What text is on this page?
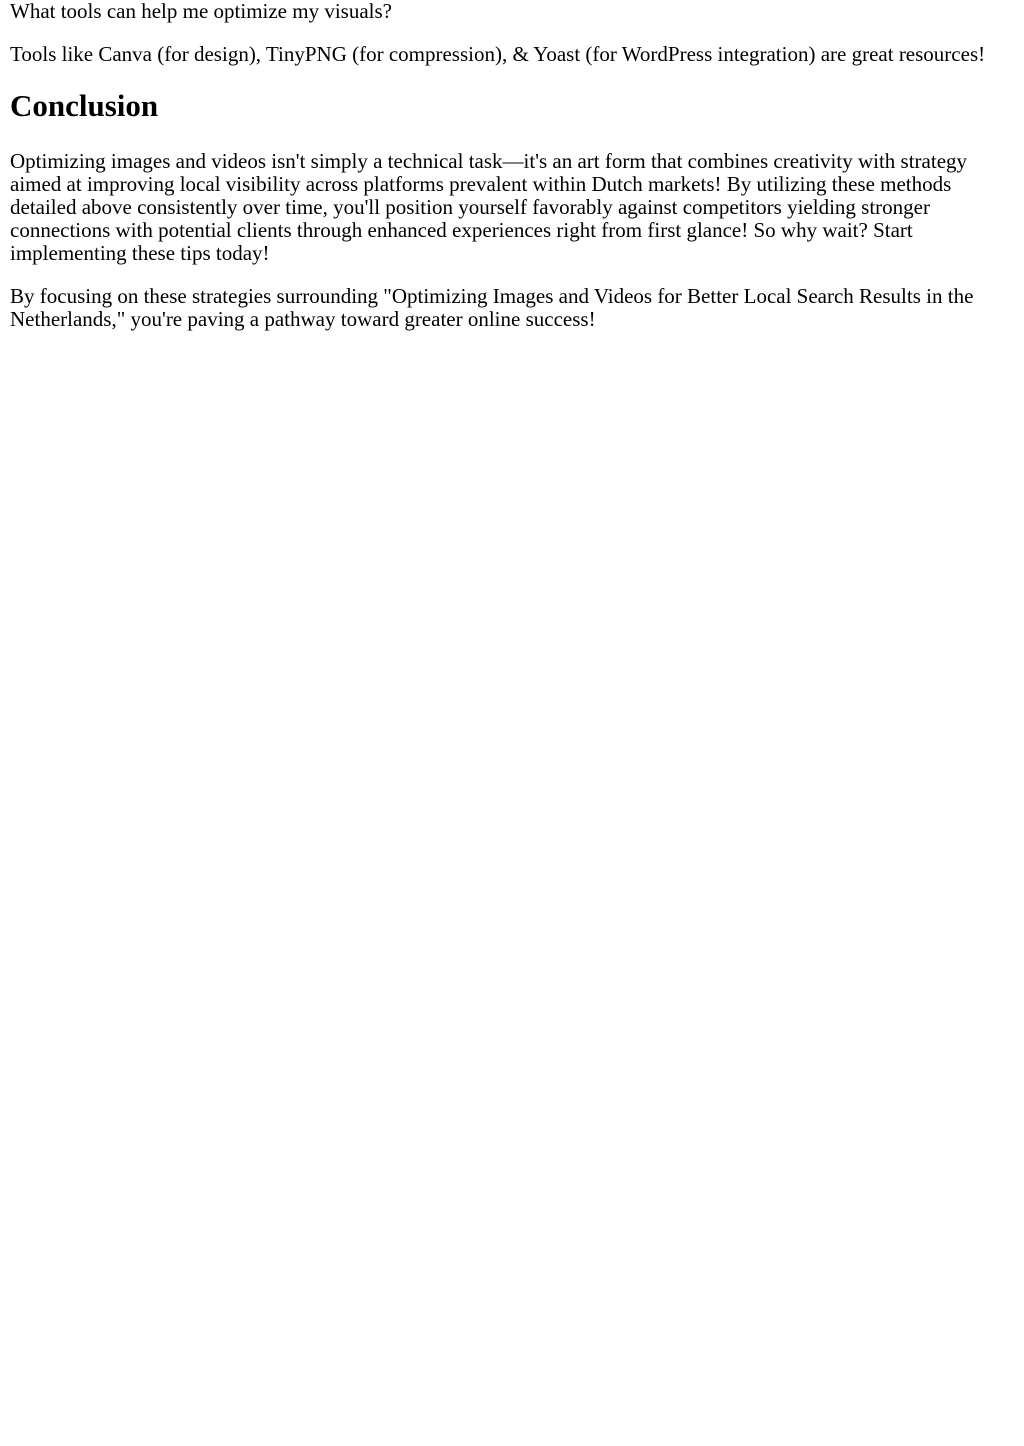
What tools can help me optimize my visuals?

Tools like Canva (for design), TinyPNG (for compression), & Yoast (for WordPress integration) are great resources!

Conclusion

Optimizing images and videos isn't simply a technical task—it's an art form that combines creativity with strategy aimed at improving local visibility across platforms prevalent within Dutch markets! By utilizing these methods detailed above consistently over time, you'll position yourself favorably against competitors yielding stronger connections with potential clients through enhanced experiences right from first glance! So why wait? Start implementing these tips today!

By focusing on these strategies surrounding "Optimizing Images and Videos for Better Local Search Results in the Netherlands," you're paving a pathway toward greater online success!
